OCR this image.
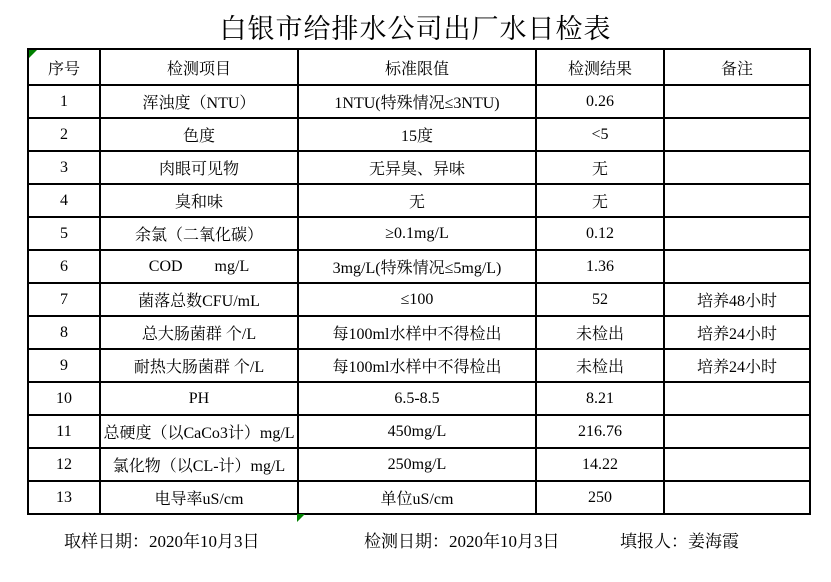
白银市给排水公司出厂水日检表
序号	检测项目	标准限值	检测结果	备注
1	浑浊度（NTU）	1NTU(特殊情况≤3NTU)	0.26	
2	色度	15度	<5	
3	肉眼可见物	无异臭、异味	无	
4	臭和味	无	无	
5	余氯（二氧化碳）	≥0.1mg/L	0.12	
6	COD        mg/L	3mg/L(特殊情况≤5mg/L)	1.36	
7	菌落总数CFU/mL	≤100	52	培养48小时
8	总大肠菌群 个/L	每100ml水样中不得检出	未检出	培养24小时
9	耐热大肠菌群 个/L	每100ml水样中不得检出	未检出	培养24小时
10	PH	6.5-8.5	8.21	
11	总硬度（以CaCo3计）mg/L	450mg/L	216.76	
12	氯化物（以CL-计）mg/L	250mg/L	14.22	
13	电导率uS/cm	单位uS/cm	250	
取样日期：2020年10月3日	检测日期：2020年10月3日	填报人：姜海霞
